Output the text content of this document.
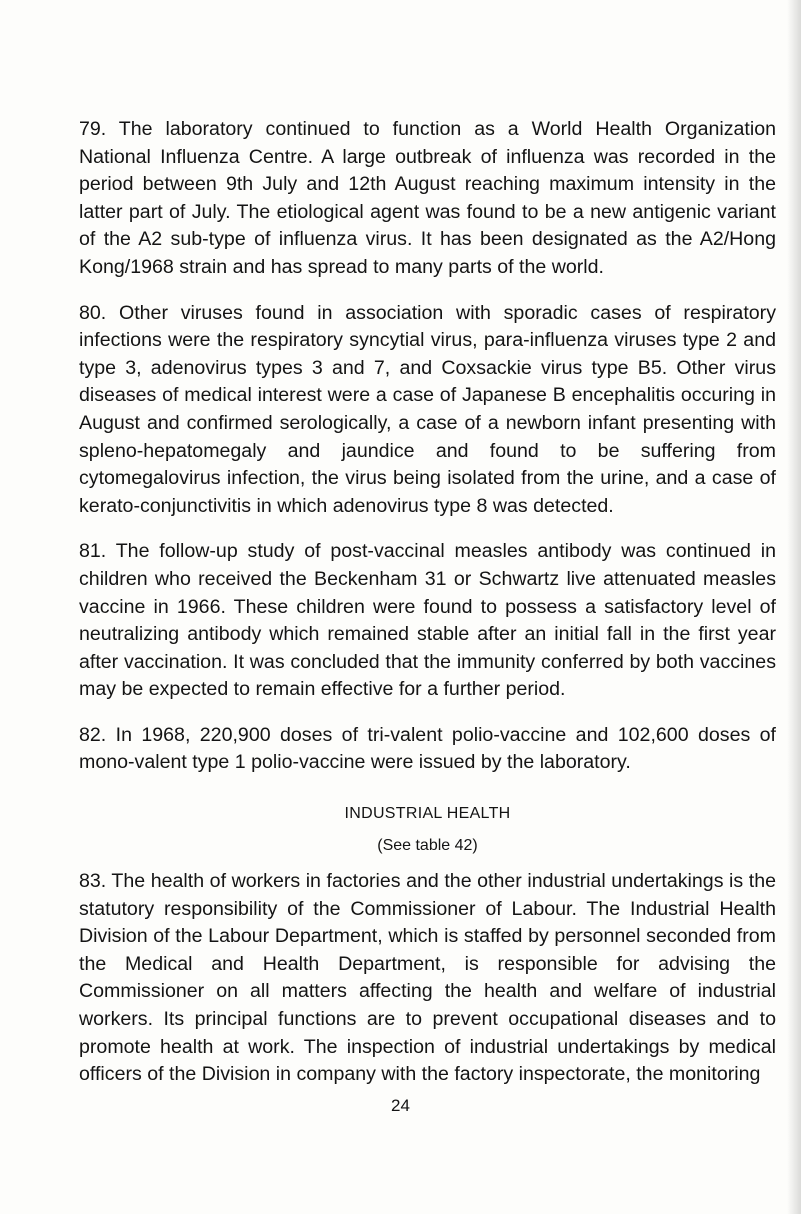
79. The laboratory continued to function as a World Health Organization National Influenza Centre. A large outbreak of influenza was recorded in the period between 9th July and 12th August reaching maximum intensity in the latter part of July. The etiological agent was found to be a new antigenic variant of the A2 sub-type of influenza virus. It has been designated as the A2/Hong Kong/1968 strain and has spread to many parts of the world.

80. Other viruses found in association with sporadic cases of respiratory infections were the respiratory syncytial virus, para-influenza viruses type 2 and type 3, adenovirus types 3 and 7, and Coxsackie virus type B5. Other virus diseases of medical interest were a case of Japanese B encephalitis occuring in August and confirmed serologically, a case of a newborn infant presenting with spleno-hepatomegaly and jaundice and found to be suffering from cytomegalovirus infection, the virus being isolated from the urine, and a case of kerato-conjunctivitis in which adenovirus type 8 was detected.

81. The follow-up study of post-vaccinal measles antibody was continued in children who received the Beckenham 31 or Schwartz live attenuated measles vaccine in 1966. These children were found to possess a satisfactory level of neutralizing antibody which remained stable after an initial fall in the first year after vaccination. It was concluded that the immunity conferred by both vaccines may be expected to remain effective for a further period.

82. In 1968, 220,900 doses of tri-valent polio-vaccine and 102,600 doses of mono-valent type 1 polio-vaccine were issued by the laboratory.

INDUSTRIAL HEALTH
(See table 42)

83. The health of workers in factories and the other industrial undertakings is the statutory responsibility of the Commissioner of Labour. The Industrial Health Division of the Labour Department, which is staffed by personnel seconded from the Medical and Health Department, is responsible for advising the Commissioner on all matters affecting the health and welfare of industrial workers. Its principal functions are to prevent occupational diseases and to promote health at work. The inspection of industrial undertakings by medical officers of the Division in company with the factory inspectorate, the monitoring

24
